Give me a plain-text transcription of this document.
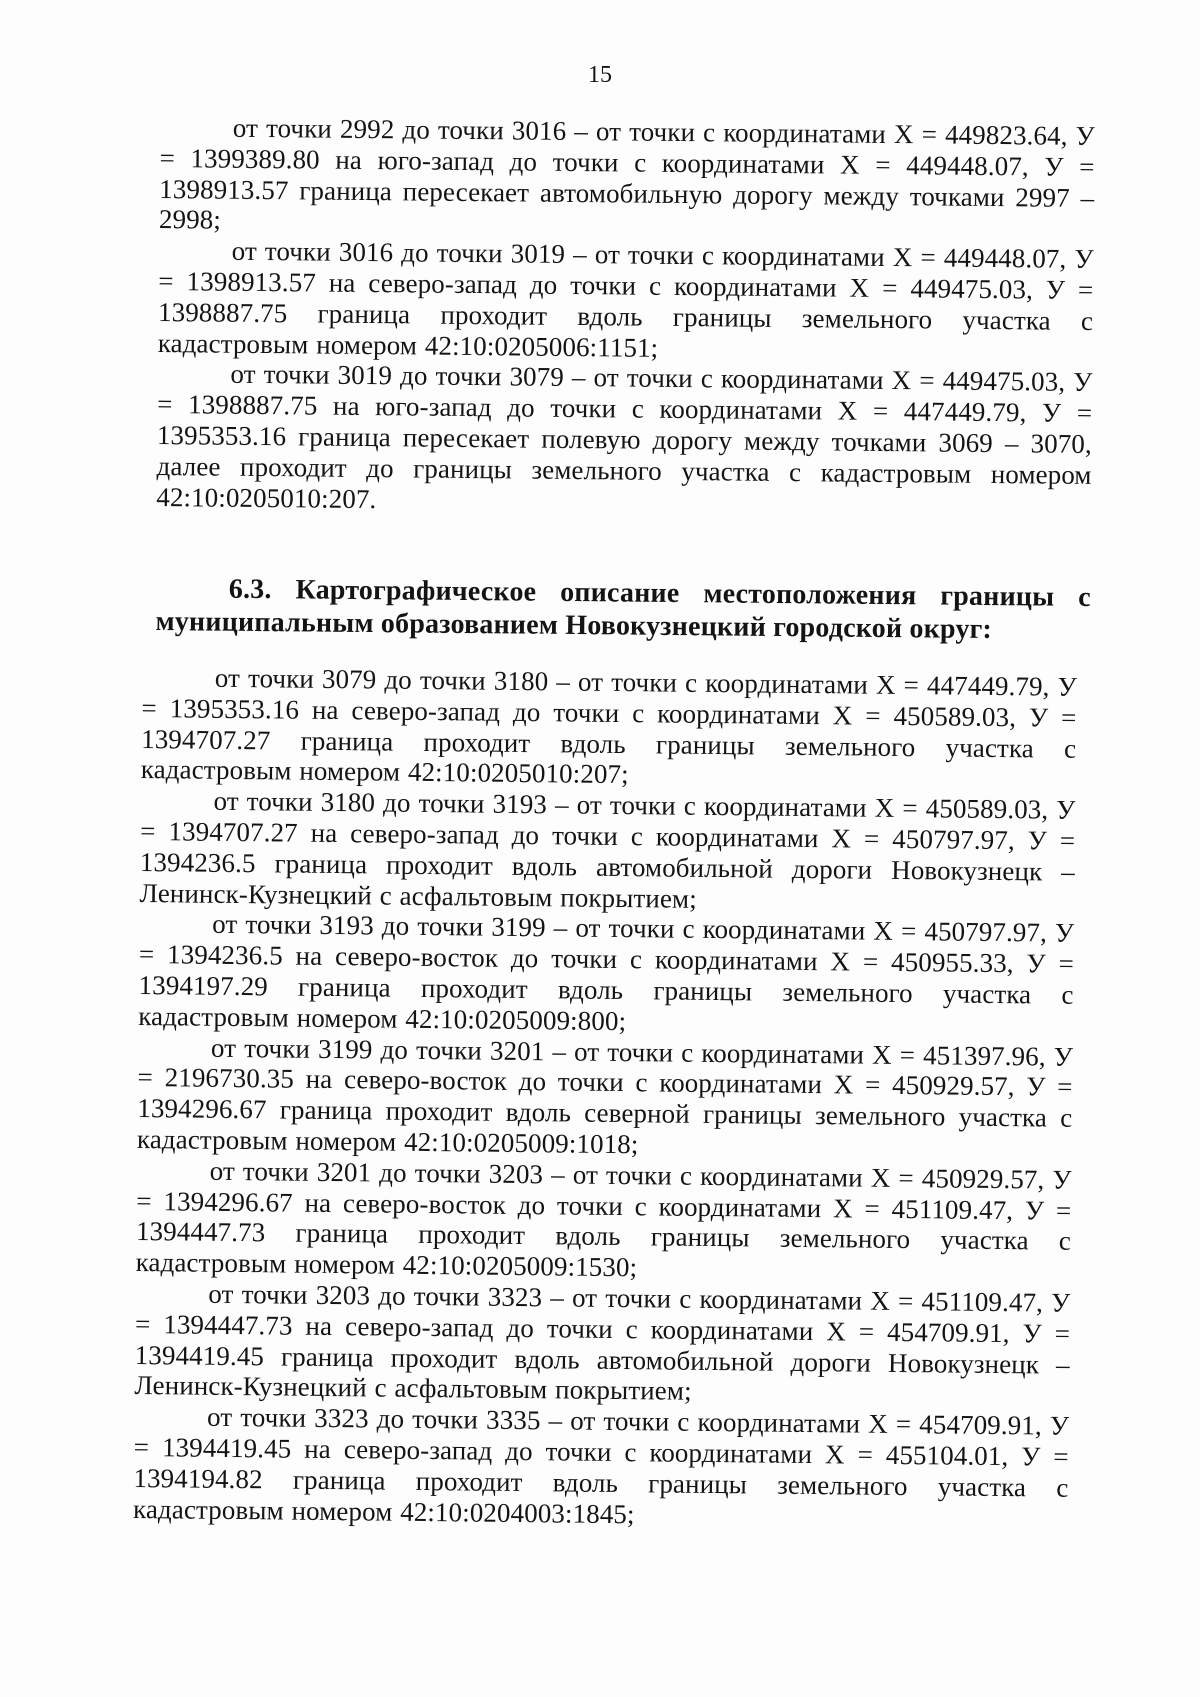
15

от точки 2992 до точки 3016 – от точки с координатами Х = 449823.64, У = 1399389.80 на юго-запад до точки с координатами Х = 449448.07, У = 1398913.57 граница пересекает автомобильную дорогу между точками 2997 – 2998;

от точки 3016 до точки 3019 – от точки с координатами Х = 449448.07, У = 1398913.57 на северо-запад до точки с координатами Х = 449475.03, У = 1398887.75 граница проходит вдоль границы земельного участка с кадастровым номером 42:10:0205006:1151;

от точки 3019 до точки 3079 – от точки с координатами Х = 449475.03, У = 1398887.75 на юго-запад до точки с координатами Х = 447449.79, У = 1395353.16 граница пересекает полевую дорогу между точками 3069 – 3070, далее проходит до границы земельного участка с кадастровым номером 42:10:0205010:207.

6.3. Картографическое описание местоположения границы с муниципальным образованием Новокузнецкий городской округ:

от точки 3079 до точки 3180 – от точки с координатами Х = 447449.79, У = 1395353.16 на северо-запад до точки с координатами Х = 450589.03, У = 1394707.27 граница проходит вдоль границы земельного участка с кадастровым номером 42:10:0205010:207;

от точки 3180 до точки 3193 – от точки с координатами Х = 450589.03, У = 1394707.27 на северо-запад до точки с координатами Х = 450797.97, У = 1394236.5 граница проходит вдоль автомобильной дороги Новокузнецк – Ленинск-Кузнецкий с асфальтовым покрытием;

от точки 3193 до точки 3199 – от точки с координатами Х = 450797.97, У = 1394236.5 на северо-восток до точки с координатами Х = 450955.33, У = 1394197.29 граница проходит вдоль границы земельного участка с кадастровым номером 42:10:0205009:800;

от точки 3199 до точки 3201 – от точки с координатами Х = 451397.96, У = 2196730.35 на северо-восток до точки с координатами Х = 450929.57, У = 1394296.67 граница проходит вдоль северной границы земельного участка с кадастровым номером 42:10:0205009:1018;

от точки 3201 до точки 3203 – от точки с координатами Х = 450929.57, У = 1394296.67 на северо-восток до точки с координатами Х = 451109.47, У = 1394447.73 граница проходит вдоль границы земельного участка с кадастровым номером 42:10:0205009:1530;

от точки 3203 до точки 3323 – от точки с координатами Х = 451109.47, У = 1394447.73 на северо-запад до точки с координатами Х = 454709.91, У = 1394419.45 граница проходит вдоль автомобильной дороги Новокузнецк – Ленинск-Кузнецкий с асфальтовым покрытием;

от точки 3323 до точки 3335 – от точки с координатами Х = 454709.91, У = 1394419.45 на северо-запад до точки с координатами Х = 455104.01, У = 1394194.82 граница проходит вдоль границы земельного участка с кадастровым номером 42:10:0204003:1845;
